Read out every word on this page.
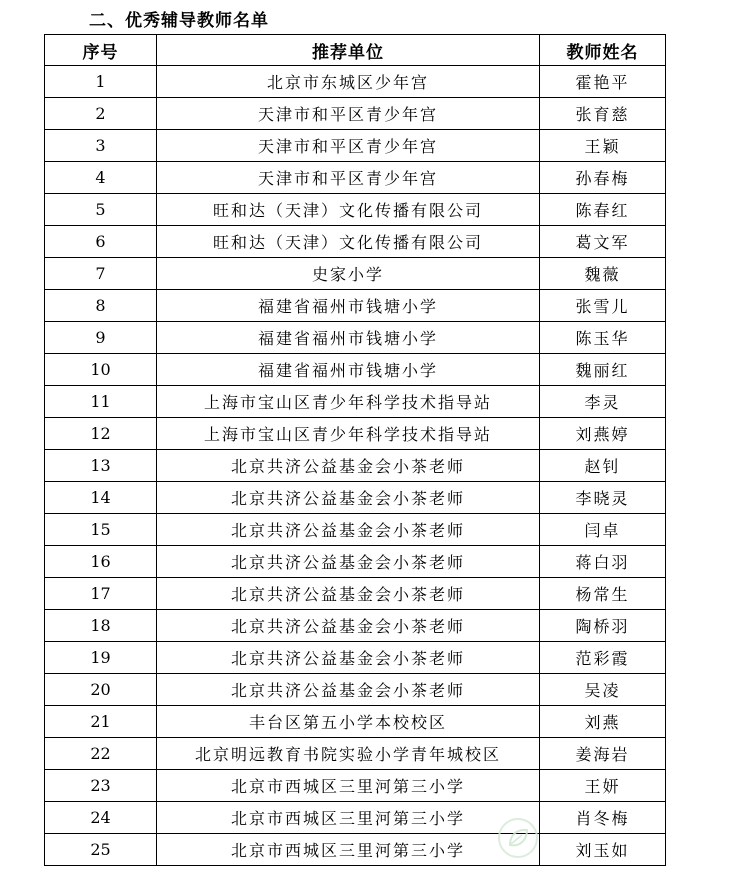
二、优秀辅导教师名单
序号	推荐单位	教师姓名
1	北京市东城区少年宫	霍艳平
2	天津市和平区青少年宫	张育慈
3	天津市和平区青少年宫	王颖
4	天津市和平区青少年宫	孙春梅
5	旺和达（天津）文化传播有限公司	陈春红
6	旺和达（天津）文化传播有限公司	葛文军
7	史家小学	魏薇
8	福建省福州市钱塘小学	张雪儿
9	福建省福州市钱塘小学	陈玉华
10	福建省福州市钱塘小学	魏丽红
11	上海市宝山区青少年科学技术指导站	李灵
12	上海市宝山区青少年科学技术指导站	刘燕婷
13	北京共济公益基金会小茶老师	赵钊
14	北京共济公益基金会小茶老师	李晓灵
15	北京共济公益基金会小茶老师	闫卓
16	北京共济公益基金会小茶老师	蒋白羽
17	北京共济公益基金会小茶老师	杨常生
18	北京共济公益基金会小茶老师	陶桥羽
19	北京共济公益基金会小茶老师	范彩霞
20	北京共济公益基金会小茶老师	吴凌
21	丰台区第五小学本校校区	刘燕
22	北京明远教育书院实验小学青年城校区	姜海岩
23	北京市西城区三里河第三小学	王妍
24	北京市西城区三里河第三小学	肖冬梅
25	北京市西城区三里河第三小学	刘玉如
